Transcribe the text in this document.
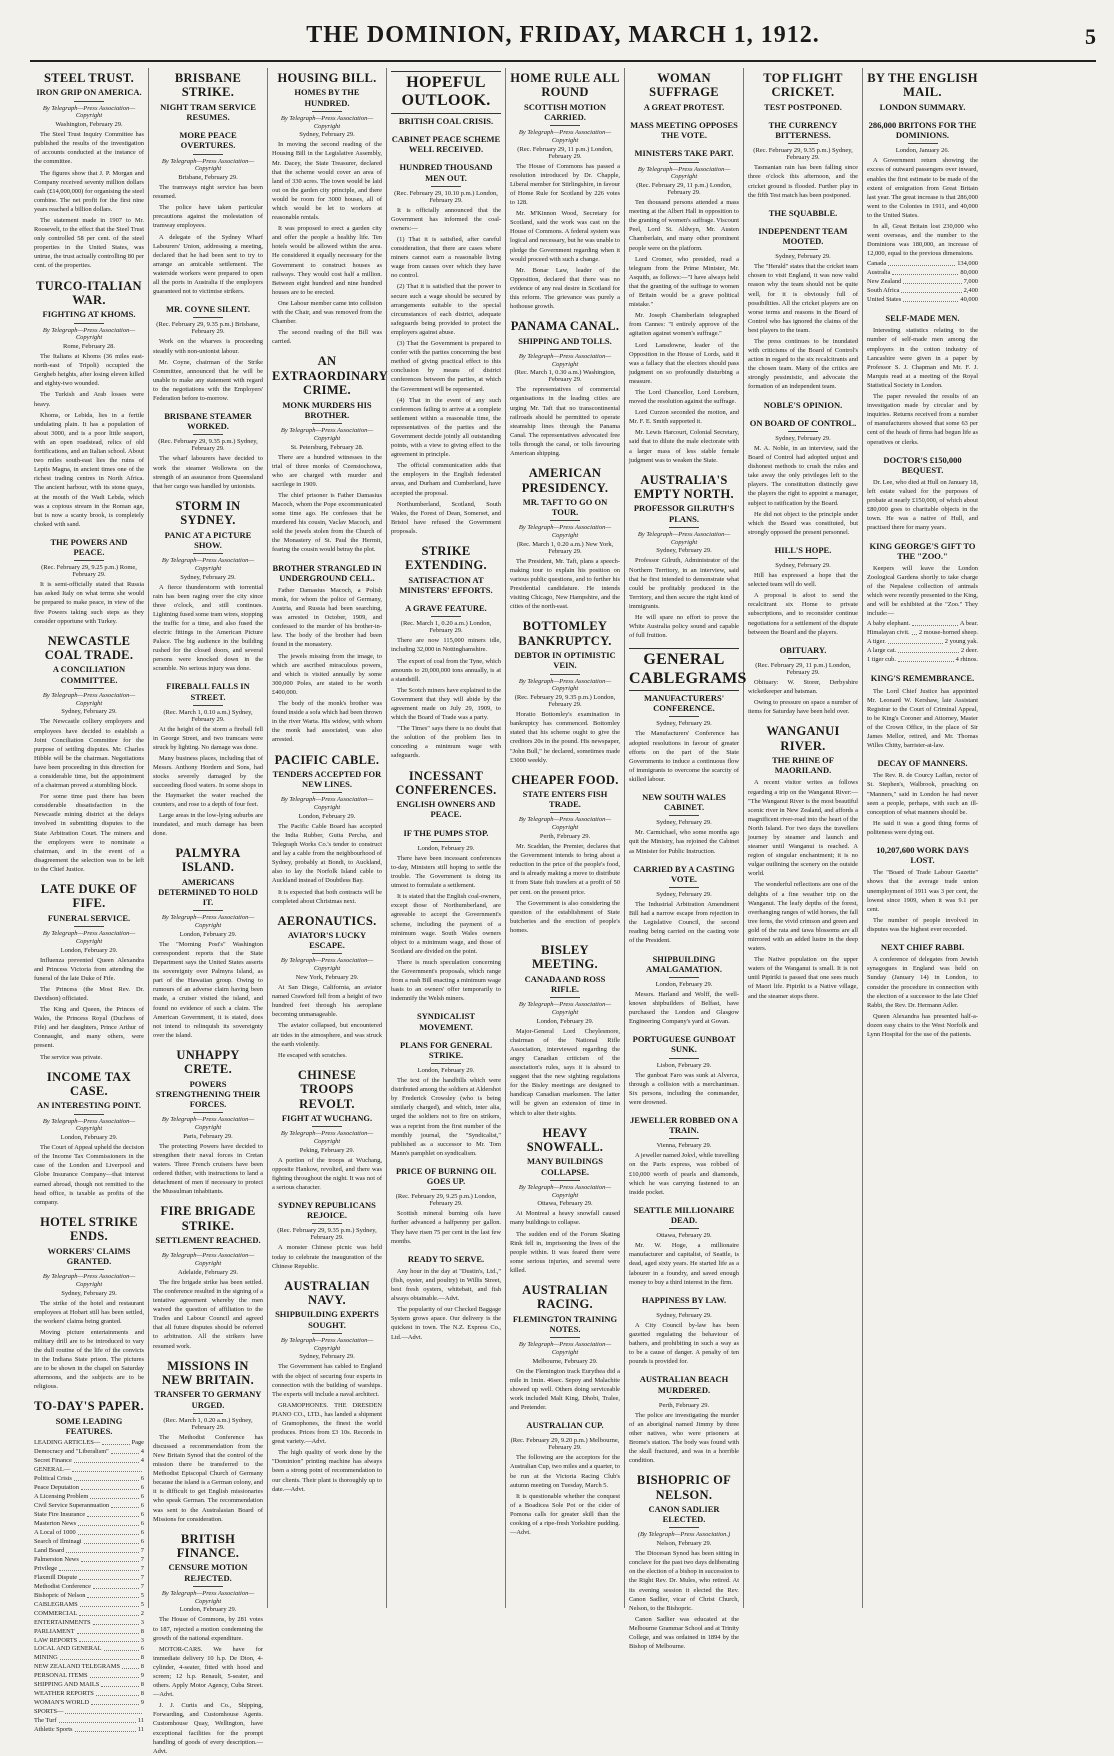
THE DOMINION, FRIDAY, MARCH 1, 1912.	5
STEEL TRUST.
IRON GRIP ON AMERICA.
By Telegraph—Press Association—Copyright
Washington, February 29.

The Steel Trust Inquiry Committee has published the results of the investigation of accounts conducted at the instance of the committee.

The figures show that J. P. Morgan and Company received seventy million dollars cash (£14,000,000) for organising the steel combine. The net profit for the first nine years reached a billion dollars.

The statement made in 1907 to Mr. Roosevelt, to the effect that the Steel Trust only controlled 58 per cent. of the steel properties in the United States, was untrue, the trust actually controlling 80 per cent. of the properties.

TURCO-ITALIAN WAR.
FIGHTING AT KHOMS.
By Telegraph—Press Association—Copyright
Rome, February 28.

The Italians at Khoms (36 miles east-north-east of Tripoli) occupied the Gergheb heights, after losing eleven killed and eighty-two wounded.

The Turkish and Arab losses were heavy.

Khoms, or Lebida, lies in a fertile undulating plain. It has a population of about 3000, and is a poor little seaport, with an open roadstead, relics of old fortifications, and an Italian school. About two miles south-east lies the ruins of Leptis Magna, in ancient times one of the richest trading centres in North Africa. The ancient harbour, with its stone quays, at the mouth of the Wadi Lebda, which was a copious stream in the Roman age, but is now a scanty brook, is completely choked with sand.

THE POWERS AND PEACE.
(Rec. February 29, 9.25 p.m.) Rome, February 29.

It is semi-officially stated that Russia has asked Italy on what terms she would be prepared to make peace, in view of the five Powers taking such steps as they consider opportune with Turkey.

NEWCASTLE COAL TRADE.
A CONCILIATION COMMITTEE.
By Telegraph—Press Association—Copyright
Sydney, February 29.

The Newcastle colliery employers and employees have decided to establish a Joint Conciliation Committee for the purpose of settling disputes. Mr. Charles Hibble will be the chairman. Negotiations have been proceeding in this direction for a considerable time, but the appointment of a chairman proved a stumbling block.

For some time past there has been considerable dissatisfaction in the Newcastle mining district at the delays involved in submitting disputes to the State Arbitration Court. The miners and the employers were to nominate a chairman, and in the event of a disagreement the selection was to be left to the Chief Justice.

LATE DUKE OF FIFE.
FUNERAL SERVICE.
By Telegraph—Press Association—Copyright
London, February 29.

Influenza prevented Queen Alexandra and Princess Victoria from attending the funeral of the late Duke of Fife.

The Princess (the Most Rev. Dr. Davidson) officiated.

The King and Queen, the Princes of Wales, the Princess Royal (Duchess of Fife) and her daughters, Prince Arthur of Connaught, and many others, were present.

The service was private.

INCOME TAX CASE.
AN INTERESTING POINT.
By Telegraph—Press Association—Copyright
London, February 29.

The Court of Appeal upheld the decision of the Income Tax Commissioners in the case of the London and Liverpool and Globe Insurance Company—that interest earned abroad, though not remitted to the head office, is taxable as profits of the company.

HOTEL STRIKE ENDS.
WORKERS' CLAIMS GRANTED.
By Telegraph—Press Association—Copyright
Sydney, February 29.

The strike of the hotel and restaurant employees at Hobart still has been settled, the workers' claims being granted.

Moving picture entertainments and military drill are to be introduced to vary the dull routine of the life of the convicts in the Indiana State prison. The pictures are to be shown in the chapel on Saturday afternoons, and the subjects are to be religious.

TO-DAY'S PAPER.
SOME LEADING FEATURES.
LEADING ARTICLES—	Page
Democracy and "Liberalism"	4
Secret Finance	4
GENERAL—
Political Crisis	6
Peace Deputation	6
A Licensing Problem	6
Civil Service Superannuation	6
State Fire Insurance	6
Masterton News	6
A Local of 1000	6
Search of Ilminagi	6
Land Board	7
Palmerston News	7
Privilege	7
Flaxmill Dispute	7
Methodist Conference	7
Bishopric of Nelson	5
CABLEGRAMS	5
COMMERCIAL	2
ENTERTAINMENTS	3
PARLIAMENT	8
LAW REPORTS	3
LOCAL AND GENERAL	6
MINING	8
NEW ZEALAND TELEGRAMS	8
PERSONAL ITEMS	9
SHIPPING AND MAILS	8
WEATHER REPORTS	8
WOMAN'S WORLD	9
SPORTS—
The Turf	11
Athletic Sports	11
BRISBANE STRIKE.
NIGHT TRAM SERVICE RESUMES.
MORE PEACE OVERTURES.
By Telegraph—Press Association—Copyright
Brisbane, February 29.

The tramways night service has been resumed.

The police have taken particular precautions against the molestation of tramway employees.

A delegate of the Sydney Wharf Labourers' Union, addressing a meeting, declared that he had been sent to try to arrange an amicable settlement. The waterside workers were prepared to open all the ports in Australia if the employers guaranteed not to victimise strikers.

MR. COYNE SILENT.
(Rec. February 29, 9.35 p.m.) Brisbane, February 29.

Work on the wharves is proceeding steadily with non-unionist labour.

Mr. Coyne, chairman of the Strike Committee, announced that he will be unable to make any statement with regard to the negotiations with the Employers' Federation before to-morrow.

BRISBANE STEAMER WORKED.
(Rec. February 29, 9.35 p.m.) Sydney, February 29.

The wharf labourers have decided to work the steamer Wollowra on the strength of an assurance from Queensland that her cargo was handled by unionists.

STORM IN SYDNEY.
PANIC AT A PICTURE SHOW.
By Telegraph—Press Association—Copyright
Sydney, February 29.

A fierce thunderstorm with torrential rain has been raging over the city since three o'clock, and still continues. Lightning fused some tram wires, stopping the traffic for a time, and also fused the electric fittings in the American Picture Palace. The big audience in the building rushed for the closed doors, and several persons were knocked down in the scramble. No serious injury was done.

FIREBALL FALLS IN STREET.
(Rec. March 1, 0.10 a.m.) Sydney, February 29.

At the height of the storm a fireball fell in George Street, and two tramcars were struck by lighting. No damage was done.

Many business places, including that of Messrs. Anthony Hordern and Sons, had stocks severely damaged by the succeeding flood waters. In some shops in the Haymarket the water reached the counters, and rose to a depth of four feet.

Large areas in the low-lying suburbs are inundated, and much damage has been done.

PALMYRA ISLAND.
AMERICANS DETERMINED TO HOLD IT.
By Telegraph—Press Association—Copyright
London, February 29.

The "Morning Post's" Washington correspondent reports that the State Department says the United States asserts its sovereignty over Palmyra Island, as part of the Hawaiian group. Owing to rumours of an adverse claim having been made, a cruiser visited the island, and found no evidence of such a claim. The American Government, it is stated, does not intend to relinquish its sovereignty over the island.

UNHAPPY CRETE.
POWERS STRENGTHENING THEIR FORCES.
By Telegraph—Press Association—Copyright
Paris, February 29.

The protecting Powers have decided to strengthen their naval forces in Cretan waters. Three French cruisers have been ordered thither, with instructions to land a detachment of men if necessary to protect the Mussulman inhabitants.

FIRE BRIGADE STRIKE.
SETTLEMENT REACHED.
By Telegraph—Press Association—Copyright
Adelaide, February 29.

The fire brigade strike has been settled. The conference resulted in the signing of a tentative agreement whereby the men waived the question of affiliation to the Trades and Labour Council and agreed that all future disputes should be referred to arbitration. All the strikers have resumed work.

MISSIONS IN NEW BRITAIN.
TRANSFER TO GERMANY URGED.
(Rec. March 1, 0.20 a.m.) Sydney, February 29.

The Methodist Conference has discussed a recommendation from the New Britain Synod that the control of the mission there be transferred to the Methodist Episcopal Church of Germany because the island is a German colony, and it is difficult to get English missionaries who speak German. The recommendation was sent to the Australasian Board of Missions for consideration.

BRITISH FINANCE.
CENSURE MOTION REJECTED.
By Telegraph—Press Association—Copyright
London, February 29.

The House of Commons, by 281 votes to 187, rejected a motion condemning the growth of the national expenditure.

MOTOR-CARS. We have for immediate delivery 10 h.p. De Dion, 4-cylinder, 4-seater, fitted with hood and screen; 12 h.p. Renault, 5-seater, and others. Apply Motor Agency, Cuba Street.—Advt.

J. J. Curtis and Co., Shipping, Forwarding, and Customhouse Agents. Customhouse Quay, Wellington, have exceptional facilities for the prompt handling of goods of every description.—Advt.

HOUSING BILL.
HOMES BY THE HUNDRED.
By Telegraph—Press Association—Copyright
Sydney, February 29.

In moving the second reading of the Housing Bill in the Legislative Assembly, Mr. Dacey, the State Treasurer, declared that the scheme would cover an area of land of 330 acres. The town would be laid out on the garden city principle, and there would be room for 3000 houses, all of which would be let to workers at reasonable rentals.

It was proposed to erect a garden city and offer the people a healthy life. Ten hotels would be allowed within the area. He considered it equally necessary for the Government to construct houses as railways. They would cost half a million. Between eight hundred and nine hundred houses are to be erected.

One Labour member came into collision with the Chair, and was removed from the Chamber.

The second reading of the Bill was carried.

AN EXTRAORDINARY CRIME.
MONK MURDERS HIS BROTHER.
By Telegraph—Press Association—Copyright
St. Petersburg, February 28.

There are a hundred witnesses in the trial of three monks of Czenstochowa, who are charged with murder and sacrilege in 1909.

The chief prisoner is Father Damasius Macoch, whom the Pope excommunicated some time ago. He confesses that he murdered his cousin, Vaclav Macoch, and sold the jewels stolen from the Church of the Monastery of St. Paul the Hermit, fearing the cousin would betray the plot.

BROTHER STRANGLED IN UNDERGROUND CELL.

Father Damasius Macoch, a Polish monk, for whom the police of Germany, Austria, and Russia had been searching, was arrested in October, 1909, and confessed to the murder of his brother-in-law. The body of the brother had been found in the monastery.

The jewels missing from the image, to which are ascribed miraculous powers, and which is visited annually by some 300,000 Poles, are stated to be worth £400,000.

The body of the monk's brother was found inside a sofa which had been thrown in the river Warta. His widow, with whom the monk had associated, was also arrested.

PACIFIC CABLE.
TENDERS ACCEPTED FOR NEW LINES.
By Telegraph—Press Association—Copyright
London, February 29.

The Pacific Cable Board has accepted the India Rubber, Gutta Percha, and Telegraph Works Co.'s tender to construct and lay a cable from the neighbourhood of Sydney, probably at Bondi, to Auckland, also to lay the Norfolk Island cable to Auckland instead of Doubtless Bay.

It is expected that both contracts will be completed about Christmas next.

AERONAUTICS.
AVIATOR'S LUCKY ESCAPE.
By Telegraph—Press Association—Copyright
New York, February 29.

At San Diego, California, an aviator named Crawford fell from a height of two hundred feet through his aeroplane becoming unmanageable.

The aviator collapsed, but encountered air tides in the atmosphere, and was struck the earth violently.

He escaped with scratches.

CHINESE TROOPS REVOLT.
FIGHT AT WUCHANG.
By Telegraph—Press Association—Copyright
Peking, February 29.

A portion of the troops at Wuchang, opposite Hankow, revolted, and there was fighting throughout the night. It was not of a serious character.

SYDNEY REPUBLICANS REJOICE.
(Rec. February 29, 9.35 p.m.) Sydney, February 29.

A monster Chinese picnic was held today to celebrate the inauguration of the Chinese Republic.

AUSTRALIAN NAVY.
SHIPBUILDING EXPERTS SOUGHT.
By Telegraph—Press Association—Copyright
Sydney, February 29.

The Government has cabled to England with the object of securing four experts in connection with the building of warships. The experts will include a naval architect.

GRAMOPHONES. THE DRESDEN PIANO CO., LTD., has landed a shipment of Gramophones, the finest the world produces. Prices from £3 10s. Records in great variety.—Advt.

The high quality of work done by the "Dominion" printing machine has always been a strong point of recommendation to our clients. Their plant is thoroughly up to date.—Advt.

HOPEFUL OUTLOOK.
BRITISH COAL CRISIS.
CABINET PEACE SCHEME WELL RECEIVED.
HUNDRED THOUSAND MEN OUT.
(Rec. February 29, 10.10 p.m.) London, February 29.

It is officially announced that the Government has informed the coal-owners:—

(1) That it is satisfied, after careful consideration, that there are cases where miners cannot earn a reasonable living wage from causes over which they have no control.

(2) That it is satisfied that the power to secure such a wage should be secured by arrangements suitable to the special circumstances of each district, adequate safeguards being provided to protect the employers against abuse.

(3) That the Government is prepared to confer with the parties concerning the best method of giving practical effect to this conclusion by means of district conferences between the parties, at which the Government will be represented.

(4) That in the event of any such conferences failing to arrive at a complete settlement within a reasonable time, the representatives of the parties and the Government decide jointly all outstanding points, with a view to giving effect to the agreement in principle.

The official communication adds that the employers in the English federated areas, and Durham and Cumberland, have accepted the proposal.

Northumberland, Scotland, South Wales, the Forest of Dean, Somerset, and Bristol have refused the Government proposals.

STRIKE EXTENDING.
SATISFACTION AT MINISTERS' EFFORTS.
A GRAVE FEATURE.
(Rec. March 1, 0.20 a.m.) London, February 29.

There are now 115,000 miners idle, including 32,000 in Nottinghamshire.

The export of coal from the Tyne, which amounts to 20,000,000 tons annually, is at a standstill.

The Scotch miners have explained to the Government that they will abide by the agreement made on July 29, 1909, to which the Board of Trade was a party.

"The Times" says there is no doubt that the solution of the problem lies in conceding a minimum wage with safeguards.

INCESSANT CONFERENCES.
ENGLISH OWNERS AND PEACE.
IF THE PUMPS STOP.
London, February 29.

There have been incessant conferences to-day, Ministers still hoping to settle the trouble. The Government is doing its utmost to formulate a settlement.

It is stated that the English coal-owners, except those of Northumberland, are agreeable to accept the Government's scheme, including the payment of a minimum wage. South Wales owners object to a minimum wage, and those of Scotland are divided on the point.

There is much speculation concerning the Government's proposals, which range from a rush Bill enacting a minimum wage basis to an owners' offer temporarily to indemnify the Welsh miners.

SYNDICALIST MOVEMENT.
PLANS FOR GENERAL STRIKE.
London, February 29.

The text of the handbills which were distributed among the soldiers at Aldershot by Frederick Crowsley (who is being similarly charged), and which, inter alia, urged the soldiers not to fire on strikers, was a reprint from the first number of the monthly journal, the "Syndicalist," published as a successor to Mr. Tom Mann's pamphlet on syndicalism.

PRICE OF BURNING OIL GOES UP.
(Rec. February 29, 9.25 p.m.) London, February 29.

Scottish mineral burning oils have further advanced a halfpenny per gallon. They have risen 75 per cent in the last few months.

READY TO SERVE.

Any hour in the day at "Dustin's, Ltd.," (fish, oyster, and poultry) in Willis Street, best fresh oysters, whitebait, and fish always obtainable.—Advt.

The popularity of our Checked Baggage System grows apace. Our delivery is the quickest in town. The N.Z. Express Co., Ltd.—Advt.

HOME RULE ALL ROUND
SCOTTISH MOTION CARRIED.
By Telegraph—Press Association—Copyright
(Rec. February 29, 11 p.m.) London, February 29.

The House of Commons has passed a resolution introduced by Dr. Chapple, Liberal member for Stirlingshire, in favour of Home Rule for Scotland by 226 votes to 128.

Mr. M'Kinnon Wood, Secretary for Scotland, said the work was cast on the House of Commons. A federal system was logical and necessary, but he was unable to pledge the Government regarding when it would proceed with such a change.

Mr. Bonar Law, leader of the Opposition, declared that there was no evidence of any real desire in Scotland for this reform. The grievance was purely a hothouse growth.

PANAMA CANAL.
SHIPPING AND TOLLS.
By Telegraph—Press Association—Copyright
(Rec. March 1, 0.30 a.m.) Washington, February 29.

The representatives of commercial organisations in the leading cities are urging Mr. Taft that no transcontinental railroads should be permitted to operate steamship lines through the Panama Canal. The representatives advocated free tolls through the canal, or tolls favouring American shipping.

AMERICAN PRESIDENCY.
MR. TAFT TO GO ON TOUR.
By Telegraph—Press Association—Copyright
(Rec. March 1, 0.20 a.m.) New York, February 29.

The President, Mr. Taft, plans a speech-making tour to explain his position on various public questions, and to further his Presidential candidature. He intends visiting Chicago, New Hampshire, and the cities of the north-east.

BOTTOMLEY BANKRUPTCY.
DEBTOR IN OPTIMISTIC VEIN.
By Telegraph—Press Association—Copyright
(Rec. February 29, 9.35 p.m.) London, February 29.

Horatio Bottomley's examination in bankruptcy has commenced. Bottomley stated that his scheme ought to give the creditors 20s in the pound. His newspaper, "John Bull," he declared, sometimes made £3000 weekly.

CHEAPER FOOD.
STATE ENTERS FISH TRADE.
By Telegraph—Press Association—Copyright
Perth, February 29.

Mr. Scaddan, the Premier, declares that the Government intends to bring about a reduction in the price of the people's food, and is already making a move to distribute it from State fish trawlers at a profit of 50 per cent. on the present price.

The Government is also considering the question of the establishment of State butcheries and the erection of people's homes.

BISLEY MEETING.
CANADA AND ROSS RIFLE.
By Telegraph—Press Association—Copyright
London, February 29.

Major-General Lord Cheylesmore, chairman of the National Rifle Association, interviewed regarding the angry Canadian criticism of the association's rules, says it is absurd to suggest that the new sighting regulations for the Bisley meetings are designed to handicap Canadian marksmen. The latter will be given an extension of time in which to alter their sights.

HEAVY SNOWFALL.
MANY BUILDINGS COLLAPSE.
By Telegraph—Press Association—Copyright
Ottawa, February 29.

At Montreal a heavy snowfall caused many buildings to collapse.

The sudden end of the Forum Skating Rink fell in, imprisoning the lives of the people within. It was feared there were some serious injuries, and several were killed.

AUSTRALIAN RACING.
FLEMINGTON TRAINING NOTES.
By Telegraph—Press Association—Copyright
Melbourne, February 29.

On the Flemington track Eurythea did a mile in 1min. 46sec. Sepoy and Malachite showed up well. Others doing serviceable work included Malt King, Dhobi, Tralee, and Pretender.

AUSTRALIAN CUP.
(Rec. February 29, 9.20 p.m.) Melbourne, February 29.

The following are the acceptors for the Australian Cup, two miles and a quarter, to be run at the Victoria Racing Club's autumn meeting on Tuesday, March 5.

It is questionable whether the conquest of a Boadicea Sole Pot or the cider of Pomona calls for greater skill than the cooking of a ripe-fresh Yorkshire pudding.—Advt.

WOMAN SUFFRAGE
A GREAT PROTEST.
MASS MEETING OPPOSES THE VOTE.
MINISTERS TAKE PART.
By Telegraph—Press Association—Copyright
(Rec. February 29, 11 p.m.) London, February 29.

Ten thousand persons attended a mass meeting at the Albert Hall in opposition to the granting of women's suffrage. Viscount Peel, Lord St. Aldwyn, Mr. Austen Chamberlain, and many other prominent people were on the platform.

Lord Cromer, who presided, read a telegram from the Prime Minister, Mr. Asquith, as follows:—"I have always held that the granting of the suffrage to women of Britain would be a grave political mistake."

Mr. Joseph Chamberlain telegraphed from Cannes: "I entirely approve of the agitation against women's suffrage."

Lord Lansdowne, leader of the Opposition in the House of Lords, said it was a fallacy that the electors should pass judgment on so profoundly disturbing a measure.

The Lord Chancellor, Lord Loreburn, moved the resolution against the suffrage.

Lord Curzon seconded the motion, and Mr. F. E. Smith supported it.

Mr. Lewis Harcourt, Colonial Secretary, said that to dilute the male electorate with a larger mass of less stable female judgment was to weaken the State.

AUSTRALIA'S EMPTY NORTH.
PROFESSOR GILRUTH'S PLANS.
By Telegraph—Press Association—Copyright
Sydney, February 29.

Professor Gilruth, Administrator of the Northern Territory, in an interview, said that he first intended to demonstrate what could be profitably produced in the Territory, and then secure the right kind of immigrants.

He will spare no effort to prove the White Australia policy sound and capable of full fruition.

GENERAL CABLEGRAMS
MANUFACTURERS' CONFERENCE.
Sydney, February 29.

The Manufacturers' Conference has adopted resolutions in favour of greater efforts on the part of the State Governments to induce a continuous flow of immigrants to overcome the scarcity of skilled labour.

NEW SOUTH WALES CABINET.
Sydney, February 29.

Mr. Carmichael, who some months ago quit the Ministry, has rejoined the Cabinet as Minister for Public Instruction.

CARRIED BY A CASTING VOTE.
Sydney, February 29.

The Industrial Arbitration Amendment Bill had a narrow escape from rejection in the Legislative Council, the second reading being carried on the casting vote of the President.

SHIPBUILDING AMALGAMATION.
London, February 29.

Messrs. Harland and Wolff, the well-known shipbuilders of Belfast, have purchased the London and Glasgow Engineering Company's yard at Govan.

PORTUGUESE GUNBOAT SUNK.
Lisbon, February 29.

The gunboat Faro was sunk at Alverca, through a collision with a merchantman. Six persons, including the commander, were drowned.

JEWELLER ROBBED ON A TRAIN.
Vienna, February 29.

A jeweller named Jokvl, while travelling on the Paris express, was robbed of £10,000 worth of pearls and diamonds, which he was carrying fastened to an inside pocket.

SEATTLE MILLIONAIRE DEAD.
Ottawa, February 29.

Mr. W. Hoge, a millionaire manufacturer and capitalist, of Seattle, is dead, aged sixty years. He started life as a labourer in a foundry, and saved enough money to buy a third interest in the firm.

HAPPINESS BY LAW.
Sydney, February 29.

A City Council by-law has been gazetted regulating the behaviour of bathers, and prohibiting in such a way as to be a cause of danger. A penalty of ten pounds is provided for.

AUSTRALIAN BEACH MURDERED.
Perth, February 29.

The police are investigating the murder of an aboriginal named Jimmy by three other natives, who were prisoners at Brome's station. The body was found with the skull fractured, and was in a horrible condition.

BISHOPRIC OF NELSON.
CANON SADLIER ELECTED.
(By Telegraph—Press Association.)
Nelson, February 29.

The Diocesan Synod has been sitting in conclave for the past two days deliberating on the election of a bishop in succession to the Right Rev. Dr. Mules, who retired. At its evening session it elected the Rev. Canon Sadlier, vicar of Christ Church, Nelson, to the Bishopric.

Canon Sadlier was educated at the Melbourne Grammar School and at Trinity College, and was ordained in 1894 by the Bishop of Melbourne.

TOP FLIGHT CRICKET.
TEST POSTPONED.
THE CURRENCY BITTERNESS.
(Rec. February 29, 9.35 p.m.) Sydney, February 29.

Tasmanian rain has been falling since three o'clock this afternoon, and the cricket ground is flooded. Further play in the fifth Test match has been postponed.

THE SQUABBLE.
INDEPENDENT TEAM MOOTED.
Sydney, February 29.

The "Herald" states that the cricket team chosen to visit England, it was now valid reason why the team should not be quite well, for it is obviously full of possibilities. All the cricket players are on worse terms and reasons in the Board of Control who has ignored the claims of the best players to the team.

The press continues to be inundated with criticisms of the Board of Control's action in regard to the six recalcitrants and the chosen team. Many of the critics are strongly pessimistic, and advocate the formation of an independent team.

NOBLE'S OPINION.
ON BOARD OF CONTROL.
Sydney, February 29.

M. A. Noble, in an interview, said the Board of Control had adopted unjust and dishonest methods to crush the rules and take away the only privileges left to the players. The constitution distinctly gave the players the right to appoint a manager, subject to ratification by the Board.

He did not object to the principle under which the Board was constituted, but strongly opposed the present personnel.

HILL'S HOPE.
Sydney, February 29.

Hill has expressed a hope that the selected team will do well.

A proposal is afoot to send the recalcitrant six Home to private subscriptions, and to reconsider continue negotiations for a settlement of the dispute between the Board and the players.

OBITUARY.
(Rec. February 29, 11 p.m.) London, February 29.

Obituary: W. Storer, Derbyshire wicketkeeper and batsman.

Owing to pressure on space a number of items for Saturday have been held over.

WANGANUI RIVER.
THE RHINE OF MAORILAND.

A recent visitor writes as follows regarding a trip on the Wanganui River:— "The Wanganui River is the most beautiful scenic river in New Zealand, and affords a magnificent river-road into the heart of the North Island. For two days the travellers journey by steamer and launch and steamer until Wanganui is reached. A region of singular enchantment; it is no vulgar outlining the scenery on the outside world.

The wonderful reflections are one of the delights of a fine weather trip on the Wanganui. The leafy depths of the forest, overhanging ranges of wild horses, the fall tree ferns, the vivid crimson and green and gold of the rata and tawa blossoms are all mirrored with an added lustre in the deep waters.

The Native population on the upper waters of the Wanganui is small. It is not until Pipiriki is passed that one sees much of Maori life. Pipiriki is a Native village, and the steamer stops there.

BY THE ENGLISH MAIL.
LONDON SUMMARY.
286,000 BRITONS FOR THE DOMINIONS.
London, January 26.

A Government return showing the excess of outward passengers over inward, enables the first estimate to be made of the extent of emigration from Great Britain last year. The great increase is that 286,000 went to the Colonies in 1911, and 40,000 to the United States.

In all, Great Britain lost 230,000 who went overseas, and the number to the Dominions was 180,000, an increase of 12,000, equal to the previous dimensions.

Canada	134,000
Australia	80,000
New Zealand	7,000
South Africa	2,400
United States	40,000
SELF-MADE MEN.

Interesting statistics relating to the number of self-made men among the employers in the cotton industry of Lancashire were given in a paper by Professor S. J. Chapman and Mr. F. J. Marquis read at a meeting of the Royal Statistical Society in London.

The paper revealed the results of an investigation made by circular and by inquiries. Returns received from a number of manufacturers showed that some 63 per cent of the heads of firms had begun life as operatives or clerks.

DOCTOR'S £150,000 BEQUEST.

Dr. Lee, who died at Hull on January 18, left estate valued for the purposes of probate at nearly £150,000, of which about £80,000 goes to charitable objects in the town. He was a native of Hull, and practised there for many years.

KING GEORGE'S GIFT TO THE "ZOO."

Keepers will leave the London Zoological Gardens shortly to take charge of the Nepalese collection of animals which were recently presented to the King, and will be exhibited at the "Zoo." They include:—

A baby elephant.	A bear.
Himalayan civit. 2 mouse-horned sheep.
A tiger.	2 young yak.
A large cat.	2 deer.
1 tiger cub.	4 rhinos.
KING'S REMEMBRANCE.

The Lord Chief Justice has appointed Mr. Leonard W. Kershaw, late Assistant Registrar to the Court of Criminal Appeal, to be King's Coroner and Attorney, Master of the Crown Office, in the place of Sir James Mellor, retired, and Mr. Thomas Willes Chitty, barrister-at-law.

DECAY OF MANNERS.

The Rev. R. de Courcy Laffan, rector of St. Stephen's, Walbrook, preaching on "Manners," said in London he had never seen a people, perhaps, with such an ill-conception of what manners should be.

He said it was a good thing forms of politeness were dying out.

10,207,600 WORK DAYS LOST.

The "Board of Trade Labour Gazette" shows that the average trade union unemployment of 1911 was 3 per cent, the lowest since 1909, when it was 9.1 per cent.

The number of people involved in disputes was the highest ever recorded.

NEXT CHIEF RABBI.

A conference of delegates from Jewish synagogues in England was held on Sunday (January 14) in London, to consider the procedure in connection with the election of a successor to the late Chief Rabbi, the Rev. Dr. Hermann Adler.

Queen Alexandra has presented half-a-dozen easy chairs to the West Norfolk and Lynn Hospital for the use of the patients.
